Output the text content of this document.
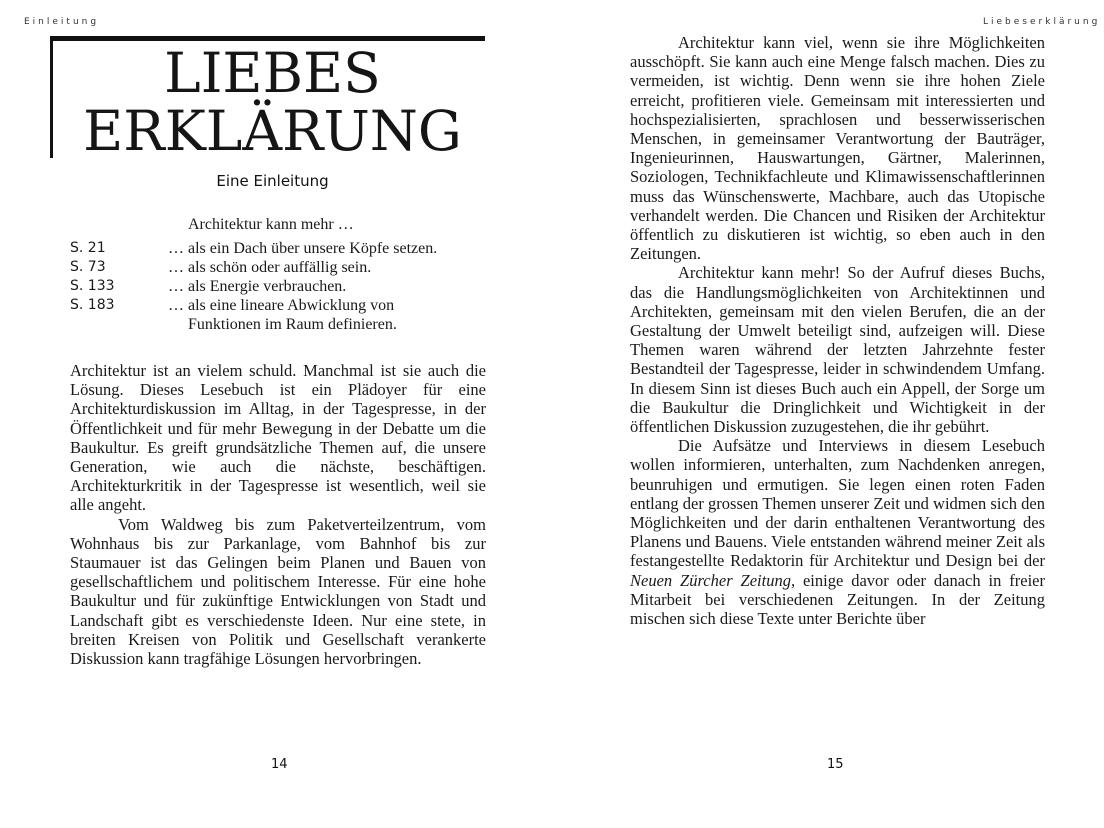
Einleitung	Liebeserklärung
LIEBES
ERKLÄRUNG
Eine Einleitung
Architektur kann mehr …
S. 21	… als ein Dach über unsere Köpfe setzen.
S. 73	… als schön oder auffällig sein.
S. 133	… als Energie verbrauchen.
S. 183	… als eine lineare Abwicklung von
Funktionen im Raum definieren.

Architektur ist an vielem schuld. Manchmal ist sie auch die Lösung. Dieses Lesebuch ist ein Plädoyer für eine Architekturdiskussion im Alltag, in der Tagespresse, in der Öffentlichkeit und für mehr Bewegung in der Debatte um die Baukultur. Es greift grundsätzliche Themen auf, die unsere Generation, wie auch die nächste, beschäftigen. Architekturkritik in der Tagespresse ist wesentlich, weil sie alle angeht.

Vom Waldweg bis zum Paketverteilzentrum, vom Wohnhaus bis zur Parkanlage, vom Bahnhof bis zur Staumauer ist das Gelingen beim Planen und Bauen von gesellschaftlichem und politischem Interesse. Für eine hohe Baukultur und für zukünftige Entwicklungen von Stadt und Landschaft gibt es verschiedenste Ideen. Nur eine stete, in breiten Kreisen von Politik und Gesellschaft verankerte Diskussion kann tragfähige Lösungen hervorbringen.

Architektur kann viel, wenn sie ihre Möglichkeiten ausschöpft. Sie kann auch eine Menge falsch machen. Dies zu vermeiden, ist wichtig. Denn wenn sie ihre hohen Ziele erreicht, profitieren viele. Gemeinsam mit interessierten und hochspezialisierten, sprachlosen und besserwisserischen Menschen, in gemeinsamer Verantwortung der Bauträger, Ingenieurinnen, Hauswartungen, Gärtner, Malerinnen, Soziologen, Technikfachleute und Klimawissenschaftlerinnen muss das Wünschenswerte, Machbare, auch das Utopische verhandelt werden. Die Chancen und Risiken der Architektur öffentlich zu diskutieren ist wichtig, so eben auch in den Zeitungen.

Architektur kann mehr! So der Aufruf dieses Buchs, das die Handlungsmöglichkeiten von Architektinnen und Architekten, gemeinsam mit den vielen Berufen, die an der Gestaltung der Umwelt beteiligt sind, aufzeigen will. Diese Themen waren während der letzten Jahrzehnte fester Bestandteil der Tagespresse, leider in schwindendem Umfang. In diesem Sinn ist dieses Buch auch ein Appell, der Sorge um die Baukultur die Dringlichkeit und Wichtigkeit in der öffentlichen Diskussion zuzugestehen, die ihr gebührt.

Die Aufsätze und Interviews in diesem Lesebuch wollen informieren, unterhalten, zum Nachdenken anregen, beunruhigen und ermutigen. Sie legen einen roten Faden entlang der grossen Themen unserer Zeit und widmen sich den Möglichkeiten und der darin enthaltenen Verantwortung des Planens und Bauens. Viele entstanden während meiner Zeit als festangestellte Redaktorin für Architektur und Design bei der Neuen Zürcher Zeitung, einige davor oder danach in freier Mitarbeit bei verschiedenen Zeitungen. In der Zeitung mischen sich diese Texte unter Berichte über

14	15
